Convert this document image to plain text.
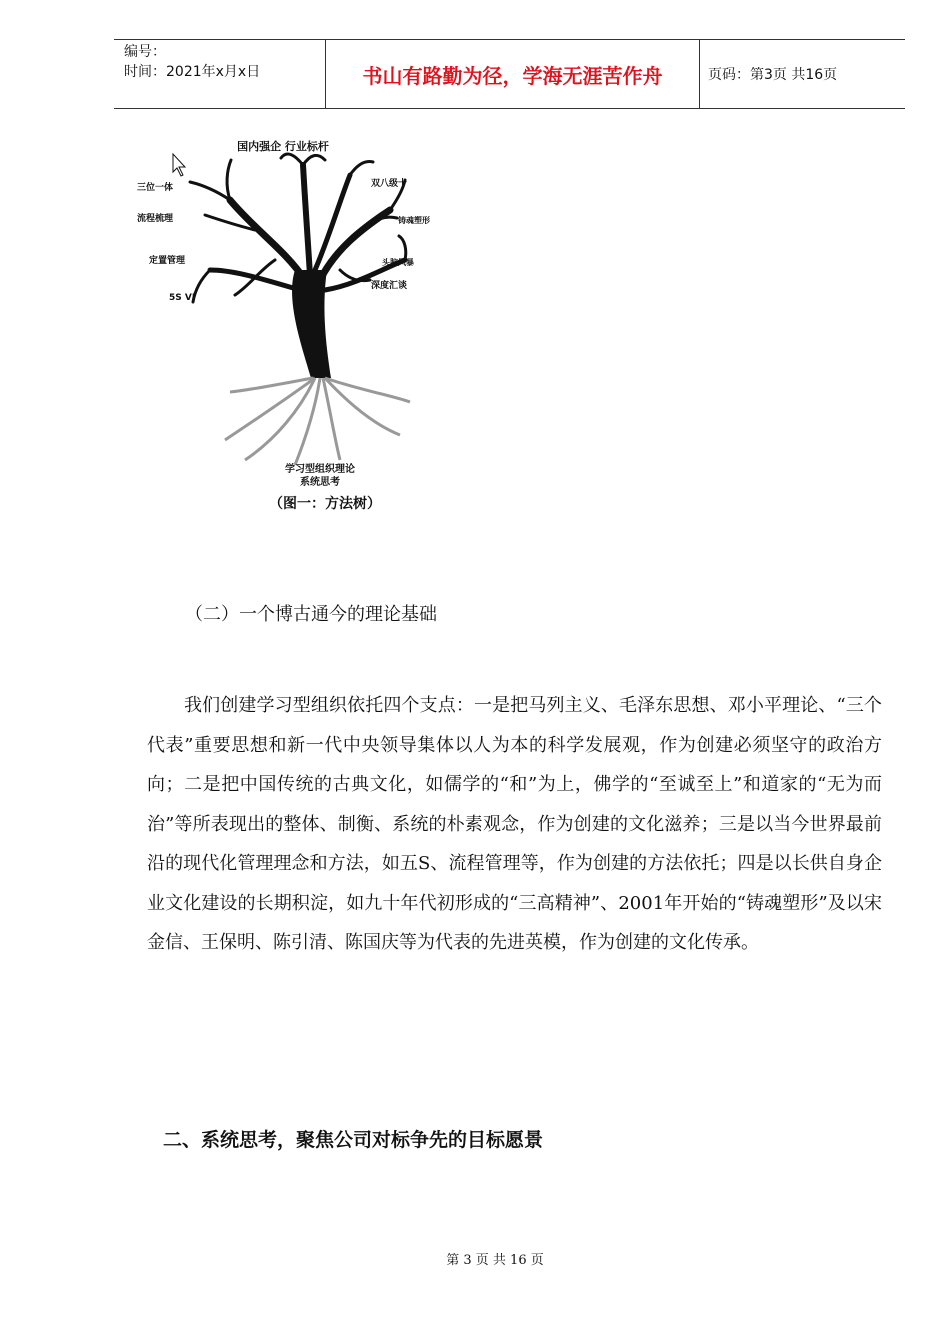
编号：
时间：2021年x月x日	书山有路勤为径，学海无涯苦作舟	页码：第3页 共16页
国内强企 行业标杆
三位一体
流程梳理
定置管理
5S VI
双八级十
铸魂塑形
头脑风暴
深度汇谈
学习型组织理论
系统思考
（图一：方法树）
（二）一个博古通今的理论基础

我们创建学习型组织依托四个支点：一是把马列主义、毛泽东思想、邓小平理论、“三个代表”重要思想和新一代中央领导集体以人为本的科学发展观，作为创建必须坚守的政治方向；二是把中国传统的古典文化，如儒学的“和”为上，佛学的“至诚至上”和道家的“无为而治”等所表现出的整体、制衡、系统的朴素观念，作为创建的文化滋养；三是以当今世界最前沿的现代化管理理念和方法，如五S、流程管理等，作为创建的方法依托；四是以长供自身企业文化建设的长期积淀，如九十年代初形成的“三高精神”、2001年开始的“铸魂塑形”及以宋金信、王保明、陈引清、陈国庆等为代表的先进英模，作为创建的文化传承。

二、系统思考，聚焦公司对标争先的目标愿景
第 3 页 共 16 页
